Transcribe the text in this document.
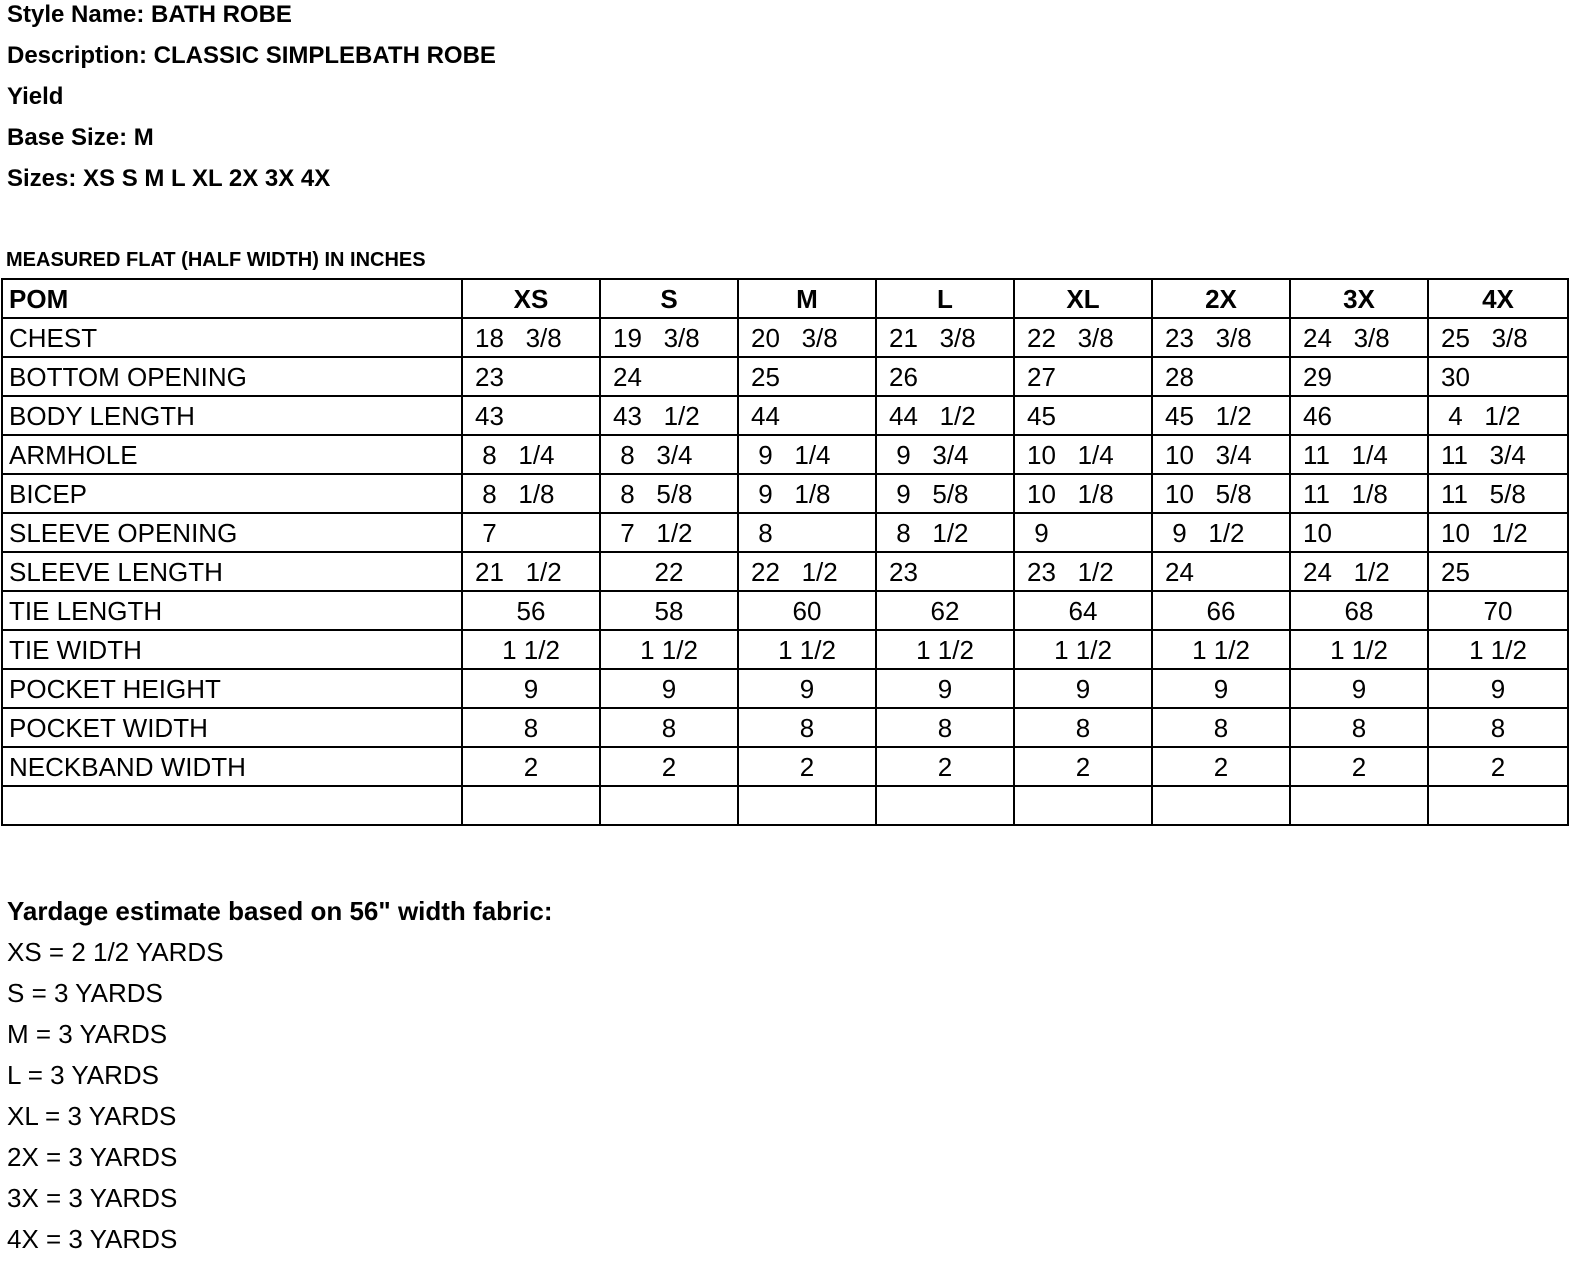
Style Name: BATH ROBE
Description: CLASSIC SIMPLEBATH ROBE
Yield
Base Size: M
Sizes: XS S M L XL 2X 3X 4X
MEASURED FLAT (HALF WIDTH) IN INCHES
POM	XS	S	M	L	XL	2X	3X	4X
CHEST	18   3/8	19   3/8	20   3/8	21   3/8	22   3/8	23   3/8	24   3/8	25   3/8
BOTTOM OPENING	23	24	25	26	27	28	29	30
BODY LENGTH	43	43   1/2	44	44   1/2	45	45   1/2	46	4   1/2
ARMHOLE	8   1/4	8   3/4	9   1/4	9   3/4	10   1/4	10   3/4	11   1/4	11   3/4
BICEP	8   1/8	8   5/8	9   1/8	9   5/8	10   1/8	10   5/8	11   1/8	11   5/8
SLEEVE OPENING	7	7   1/2	8	8   1/2	9	9   1/2	10	10   1/2
SLEEVE LENGTH	21   1/2	22	22   1/2	23	23   1/2	24	24   1/2	25
TIE LENGTH	56	58	60	62	64	66	68	70
TIE WIDTH	1 1/2	1 1/2	1 1/2	1 1/2	1 1/2	1 1/2	1 1/2	1 1/2
POCKET HEIGHT	9	9	9	9	9	9	9	9
POCKET WIDTH	8	8	8	8	8	8	8	8
NECKBAND WIDTH	2	2	2	2	2	2	2	2

Yardage estimate based on 56" width fabric:
XS = 2 1/2 YARDS
S = 3 YARDS
M = 3 YARDS
L = 3 YARDS
XL = 3 YARDS
2X = 3 YARDS
3X = 3 YARDS
4X = 3 YARDS
